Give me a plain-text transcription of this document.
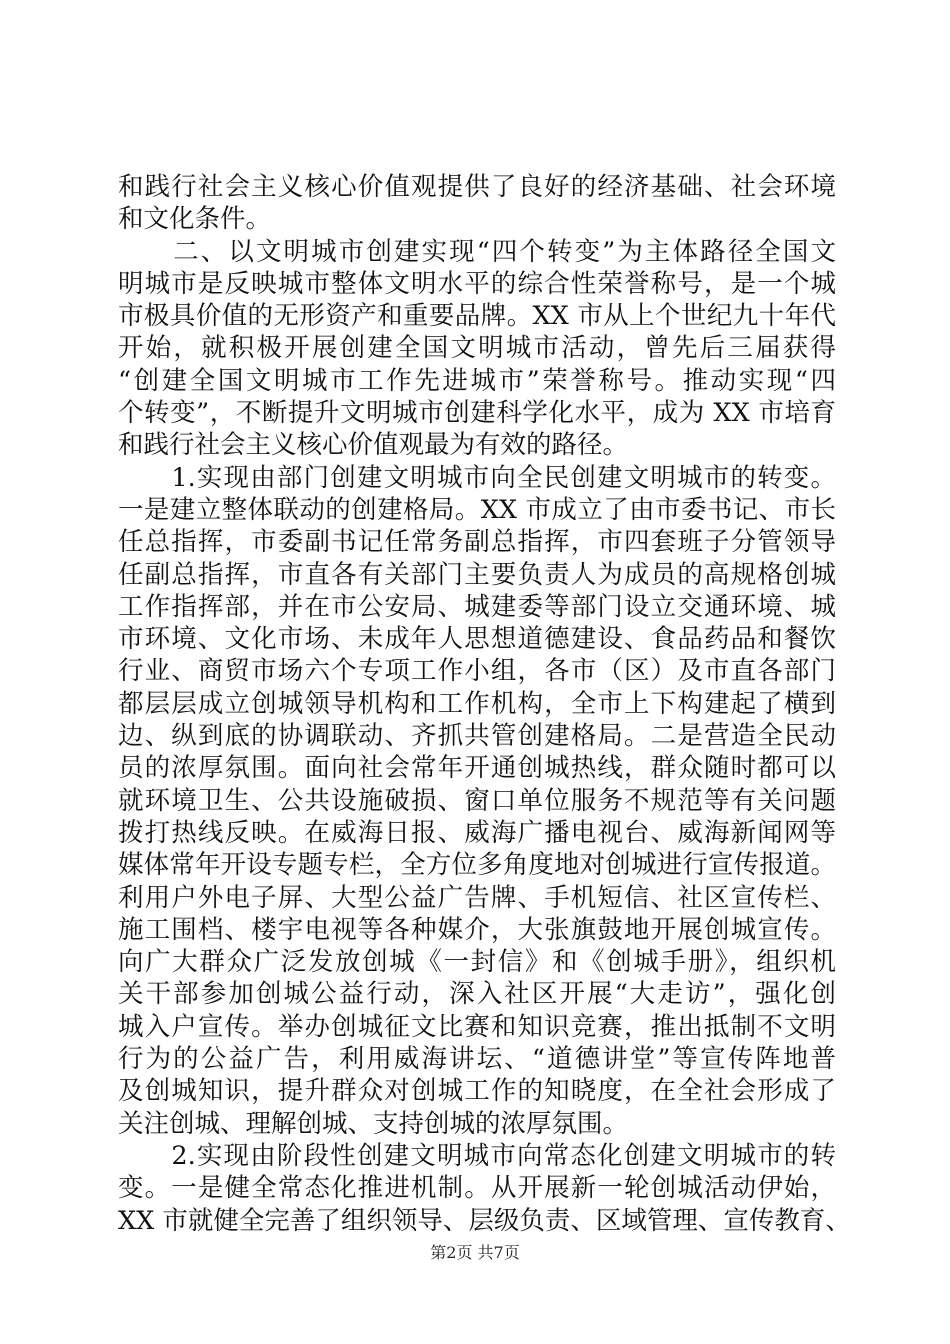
和践行社会主义核心价值观提供了良好的经济基础、社会环境
和文化条件。
　　二、以文明城市创建实现“四个转变”为主体路径全国文
明城市是反映城市整体文明水平的综合性荣誉称号，是一个城
市极具价值的无形资产和重要品牌。XX 市从上个世纪九十年代
开始，就积极开展创建全国文明城市活动，曾先后三届获得
“创建全国文明城市工作先进城市”荣誉称号。推动实现“四
个转变”，不断提升文明城市创建科学化水平，成为 XX 市培育
和践行社会主义核心价值观最为有效的路径。
　　1.实现由部门创建文明城市向全民创建文明城市的转变。
一是建立整体联动的创建格局。XX 市成立了由市委书记、市长
任总指挥，市委副书记任常务副总指挥，市四套班子分管领导
任副总指挥，市直各有关部门主要负责人为成员的高规格创城
工作指挥部，并在市公安局、城建委等部门设立交通环境、城
市环境、文化市场、未成年人思想道德建设、食品药品和餐饮
行业、商贸市场六个专项工作小组，各市（区）及市直各部门
都层层成立创城领导机构和工作机构，全市上下构建起了横到
边、纵到底的协调联动、齐抓共管创建格局。二是营造全民动
员的浓厚氛围。面向社会常年开通创城热线，群众随时都可以
就环境卫生、公共设施破损、窗口单位服务不规范等有关问题
拨打热线反映。在威海日报、威海广播电视台、威海新闻网等
媒体常年开设专题专栏，全方位多角度地对创城进行宣传报道。
利用户外电子屏、大型公益广告牌、手机短信、社区宣传栏、
施工围档、楼宇电视等各种媒介，大张旗鼓地开展创城宣传。
向广大群众广泛发放创城《一封信》和《创城手册》，组织机
关干部参加创城公益行动，深入社区开展“大走访”，强化创
城入户宣传。举办创城征文比赛和知识竞赛，推出抵制不文明
行为的公益广告，利用威海讲坛、“道德讲堂”等宣传阵地普
及创城知识，提升群众对创城工作的知晓度，在全社会形成了
关注创城、理解创城、支持创城的浓厚氛围。
　　2.实现由阶段性创建文明城市向常态化创建文明城市的转
变。一是健全常态化推进机制。从开展新一轮创城活动伊始，
XX 市就健全完善了组织领导、层级负责、区域管理、宣传教育、
第2页 共7页
